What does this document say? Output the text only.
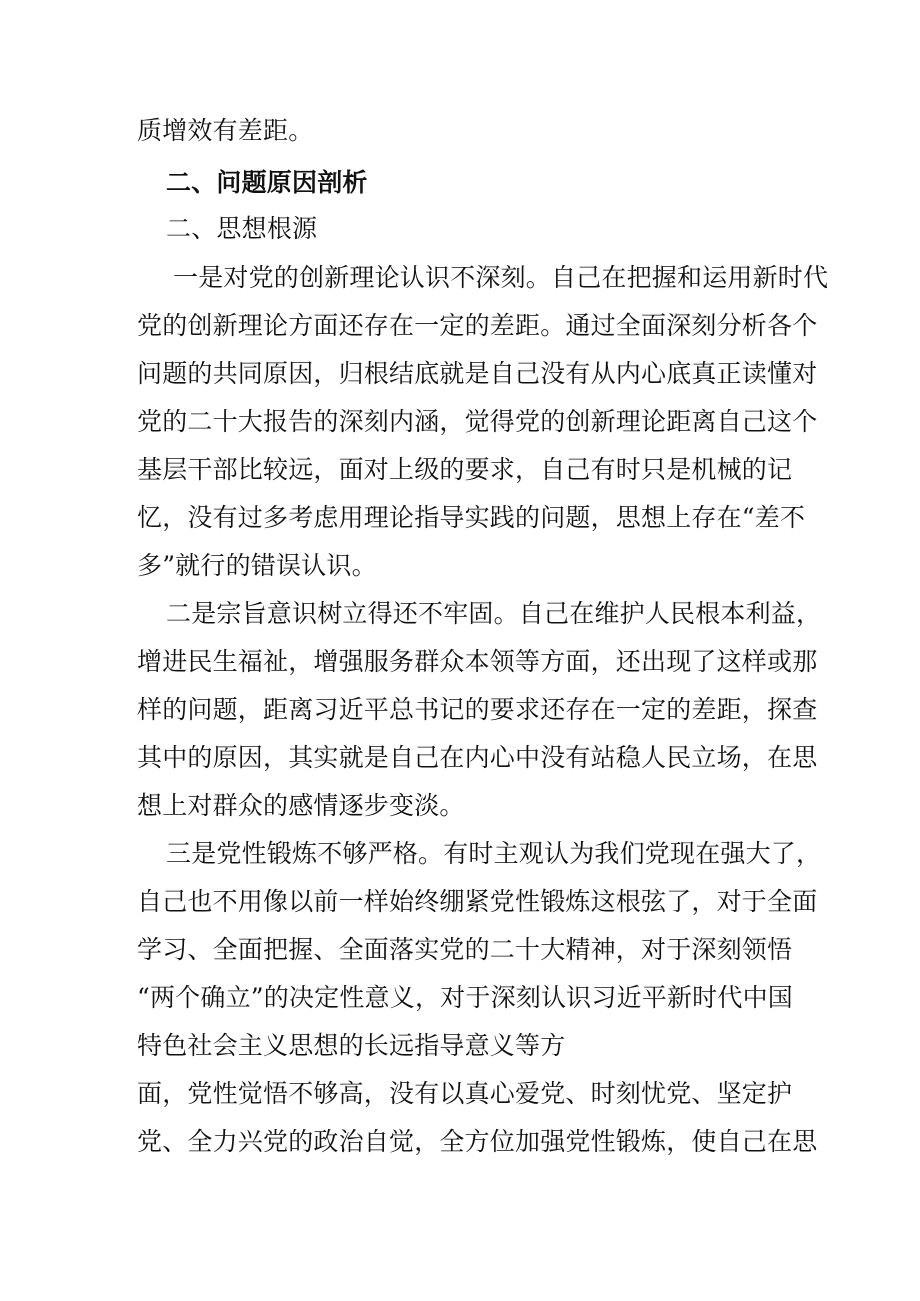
质增效有差距。
二、问题原因剖析
二、思想根源
一是对党的创新理论认识不深刻。自己在把握和运用新时代
党的创新理论方面还存在一定的差距。通过全面深刻分析各个
问题的共同原因，归根结底就是自己没有从内心底真正读懂对
党的二十大报告的深刻内涵，觉得党的创新理论距离自己这个
基层干部比较远，面对上级的要求，自己有时只是机械的记
忆，没有过多考虑用理论指导实践的问题，思想上存在“差不
多”就行的错误认识。
二是宗旨意识树立得还不牢固。自己在维护人民根本利益，
增进民生福祉，增强服务群众本领等方面，还出现了这样或那
样的问题，距离习近平总书记的要求还存在一定的差距，探查
其中的原因，其实就是自己在内心中没有站稳人民立场，在思
想上对群众的感情逐步变淡。
三是党性锻炼不够严格。有时主观认为我们党现在强大了，
自己也不用像以前一样始终绷紧党性锻炼这根弦了，对于全面
学习、全面把握、全面落实党的二十大精神，对于深刻领悟
“两个确立”的决定性意义，对于深刻认识习近平新时代中国
特色社会主义思想的长远指导意义等方
面，党性觉悟不够高，没有以真心爱党、时刻忧党、坚定护
党、全力兴党的政治自觉，全方位加强党性锻炼，使自己在思
